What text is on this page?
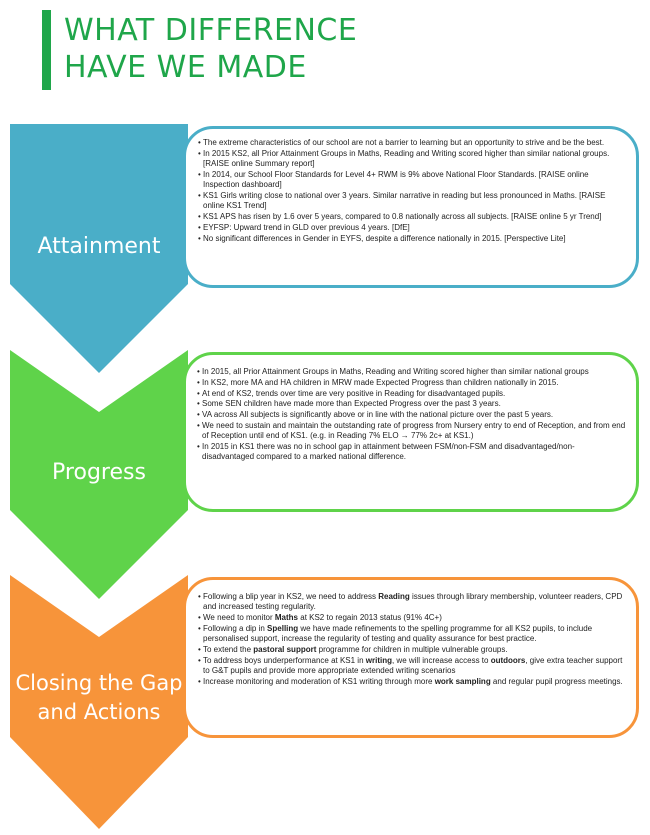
WHAT DIFFERENCE
HAVE WE MADE
Attainment
• The extreme characteristics of our school are not a barrier to learning but an opportunity to strive and be the best.
• In 2015 KS2, all Prior Attainment Groups in Maths, Reading and Writing scored higher than similar national groups. [RAISE online Summary report]
• In 2014, our School Floor Standards for Level 4+ RWM is 9% above National Floor Standards. [RAISE online Inspection dashboard]
• KS1 Girls writing close to national over 3 years. Similar narrative in reading but less pronounced in Maths. [RAISE online KS1 Trend]
• KS1 APS has risen by 1.6 over 5 years, compared to 0.8 nationally across all subjects. [RAISE online 5 yr Trend]
• EYFSP: Upward trend in GLD over previous 4 years. [DfE]
• No significant differences in Gender in EYFS, despite a difference nationally in 2015. [Perspective Lite]
Progress
• In 2015, all Prior Attainment Groups in Maths, Reading and Writing scored higher than similar national groups
• In KS2, more MA and HA children in MRW made Expected Progress than children nationally in 2015.
• At end of KS2, trends over time are very positive in Reading for disadvantaged pupils.
• Some SEN children have made more than Expected Progress over the past 3 years.
• VA across All subjects is significantly above or in line with the national picture over the past 5 years.
• We need to sustain and maintain the outstanding rate of progress from Nursery entry to end of Reception, and from end of Reception until end of KS1. (e.g. in Reading 7% ELO → 77% 2c+ at KS1.)
• In 2015 in KS1 there was no in school gap in attainment between FSM/non-FSM and disadvantaged/non-disadvantaged compared to a marked national difference.
Closing the Gap
and Actions
• Following a blip year in KS2, we need to address Reading issues through library membership, volunteer readers, CPD and increased testing regularity.
• We need to monitor Maths at KS2 to regain 2013 status (91% 4C+)
• Following a dip in Spelling we have made refinements to the spelling programme for all KS2 pupils, to include personalised support, increase the regularity of testing and quality assurance for best practice.
• To extend the pastoral support programme for children in multiple vulnerable groups.
• To address boys underperformance at KS1 in writing, we will increase access to outdoors, give extra teacher support to G&T pupils and provide more appropriate extended writing scenarios
• Increase monitoring and moderation of KS1 writing through more work sampling and regular pupil progress meetings.
